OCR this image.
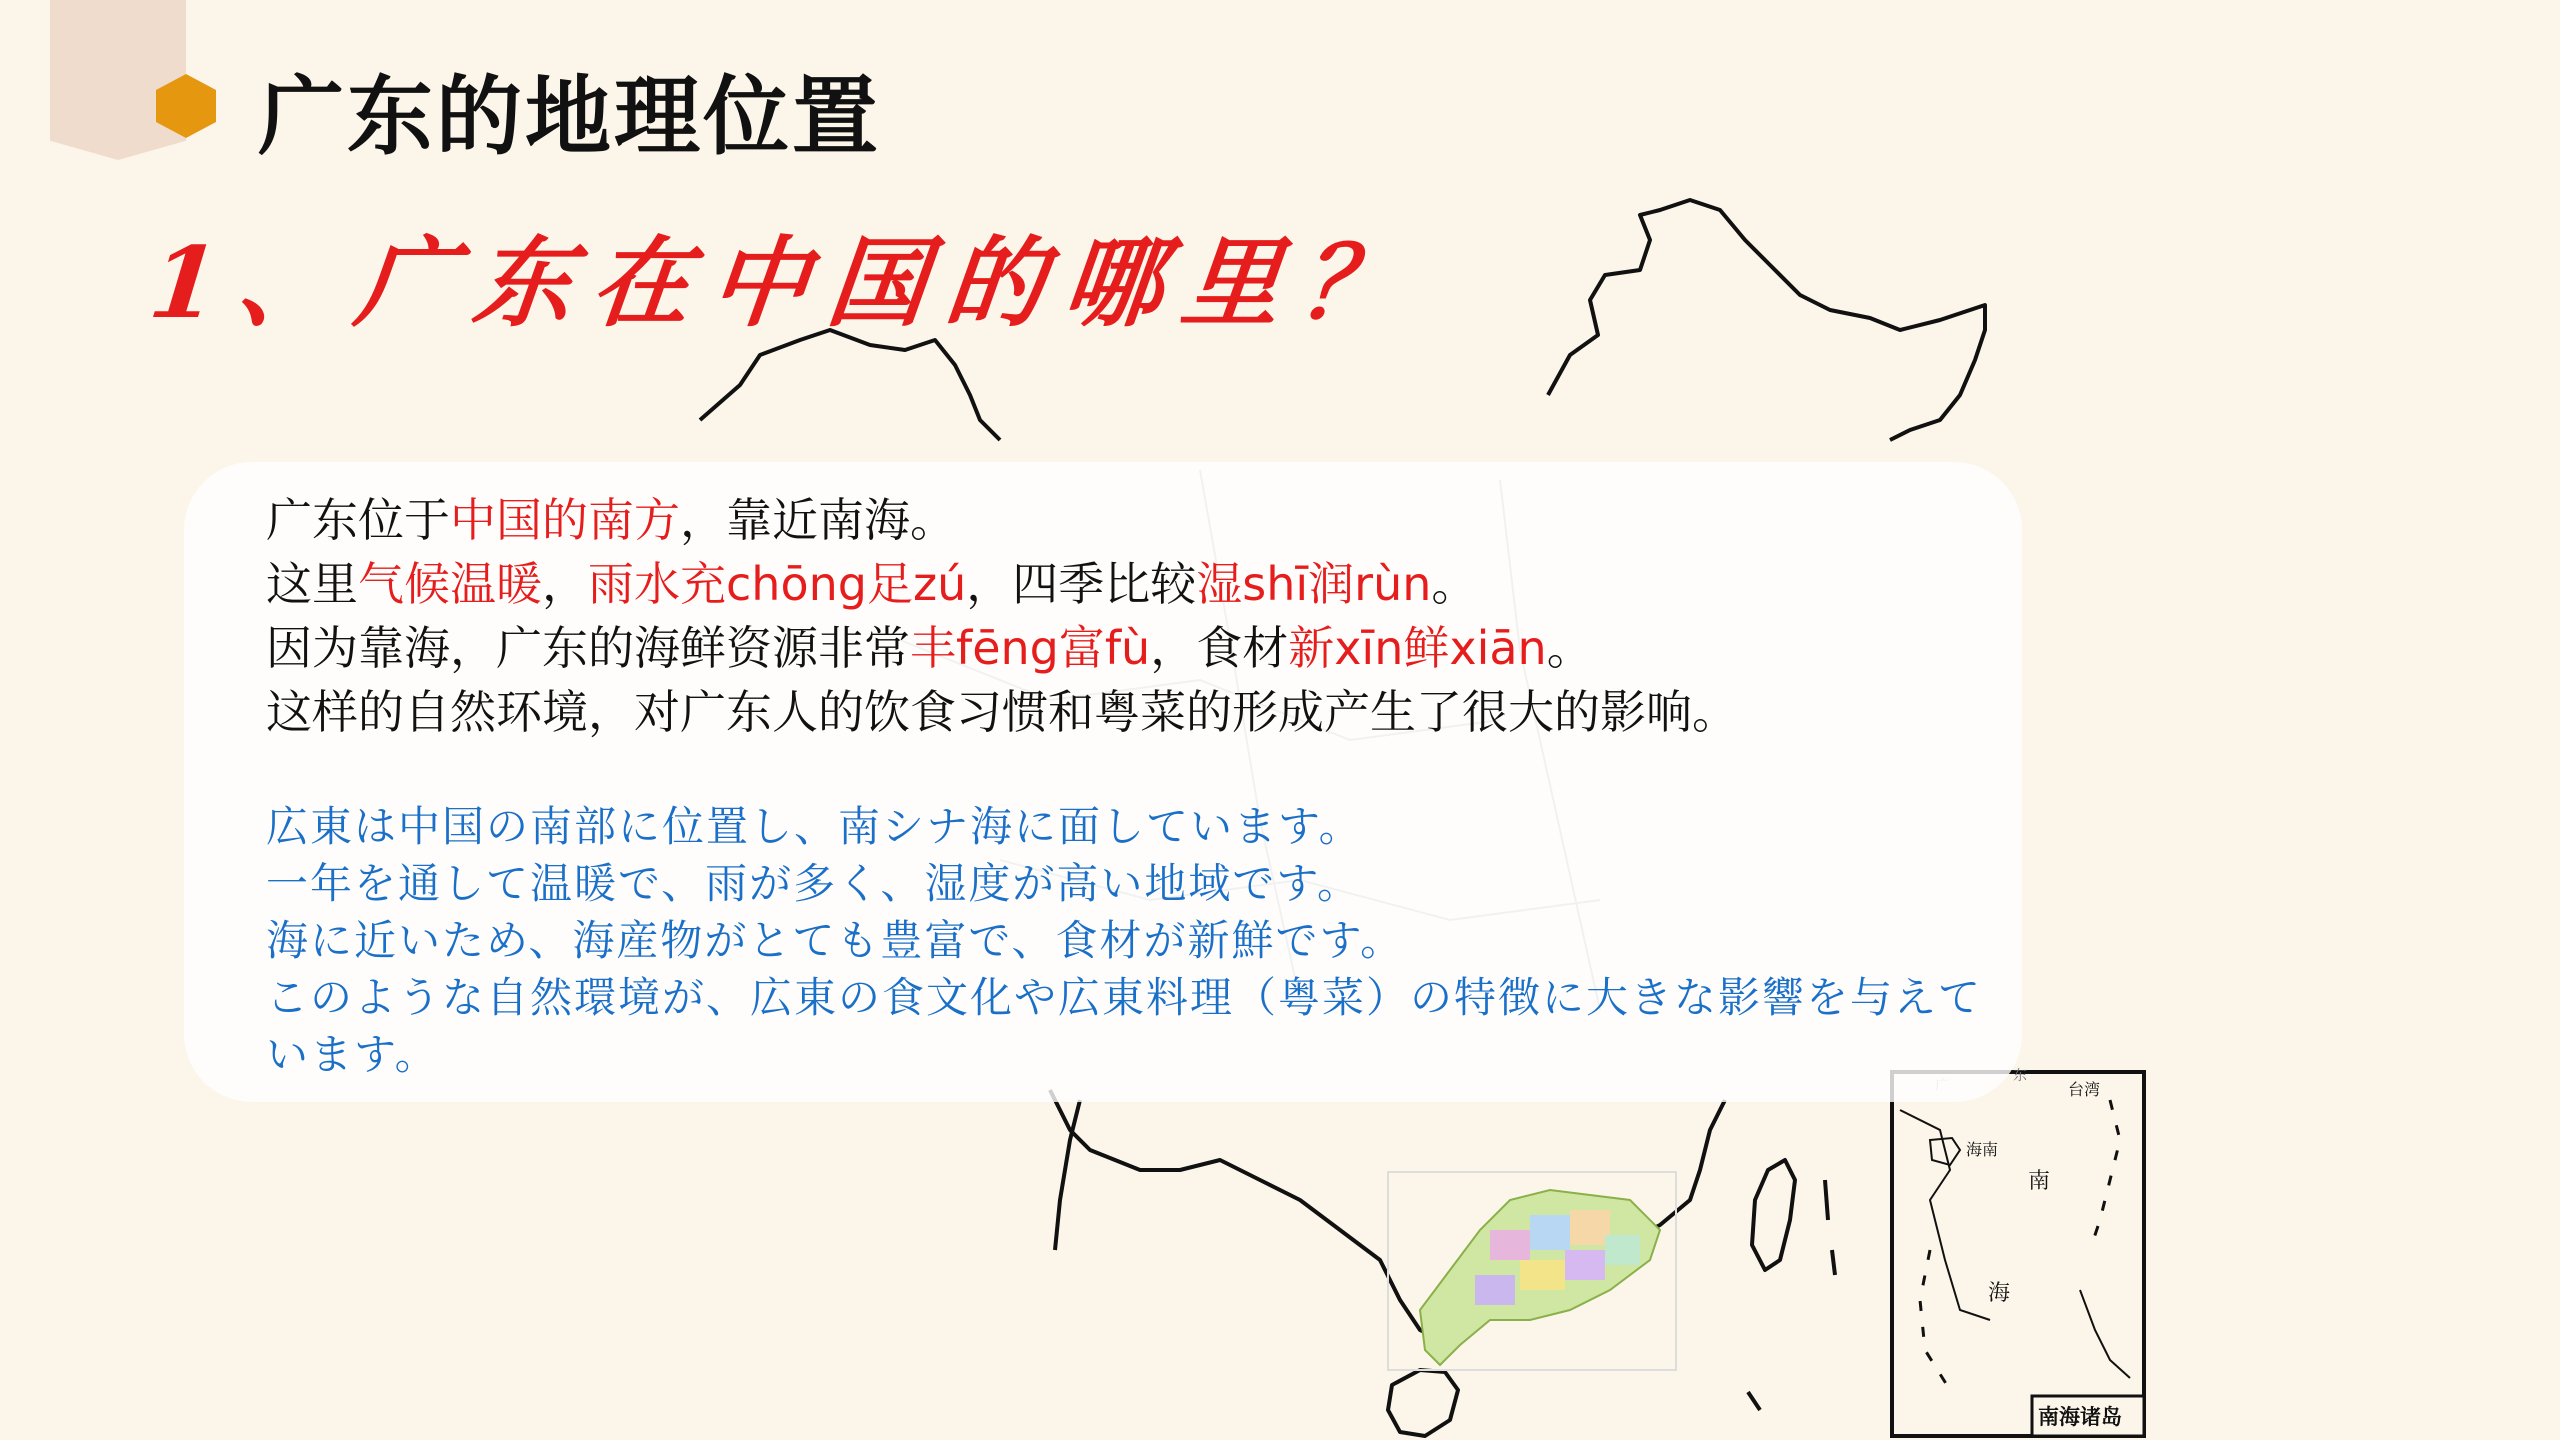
广东的地理位置
1、广东在中国的哪里？
台湾
海南
南
海
南海诸岛
东
广东位于中国的南方，靠近南海。
这里气候温暖，雨水充chōng足zú，四季比较湿shī润rùn。
因为靠海，广东的海鲜资源非常丰fēng富fù，食材新xīn鲜xiān。
这样的自然环境，对广东人的饮食习惯和粤菜的形成产生了很大的影响。
広東は中国の南部に位置し、南シナ海に面しています。
一年を通して温暖で、雨が多く、湿度が高い地域です。
海に近いため、海産物がとても豊富で、食材が新鮮です。
このような自然環境が、広東の食文化や広東料理（粤菜）の特徴に大きな影響を与えています。
